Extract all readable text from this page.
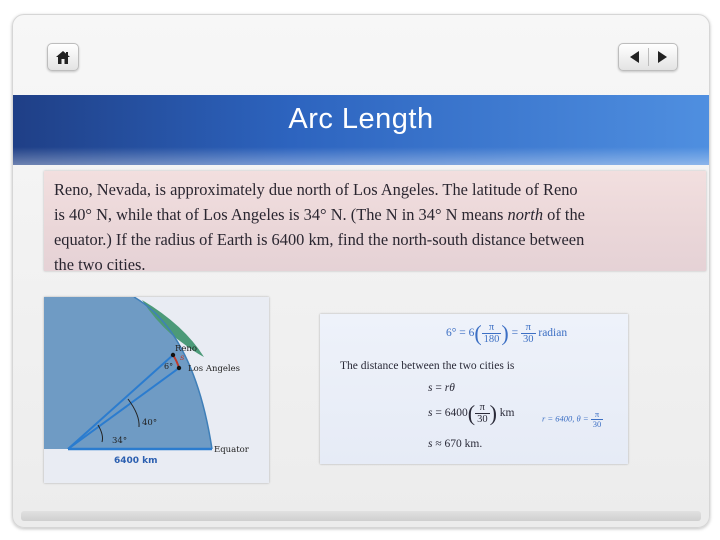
Arc Length
Reno, Nevada, is approximately due north of Los Angeles. The latitude of Reno
is 40° N, while that of Los Angeles is 34° N. (The N in 34° N means north of the
equator.) If the radius of Earth is 6400 km, find the north-south distance between
the two cities.
Reno
s
6° Los Angeles
40°
34°
Equator
6400 km
$6^\circ = 6( \frac{\pi}{180}$ ) = $\frac{\pi}{30}$ radian
The distance between the two cities is
s = rθ
$s = 6400( \frac{\pi}{30}$ ) km	r = 6400, $\theta = \frac{\pi}{30}$
s ≈ 670 km.
